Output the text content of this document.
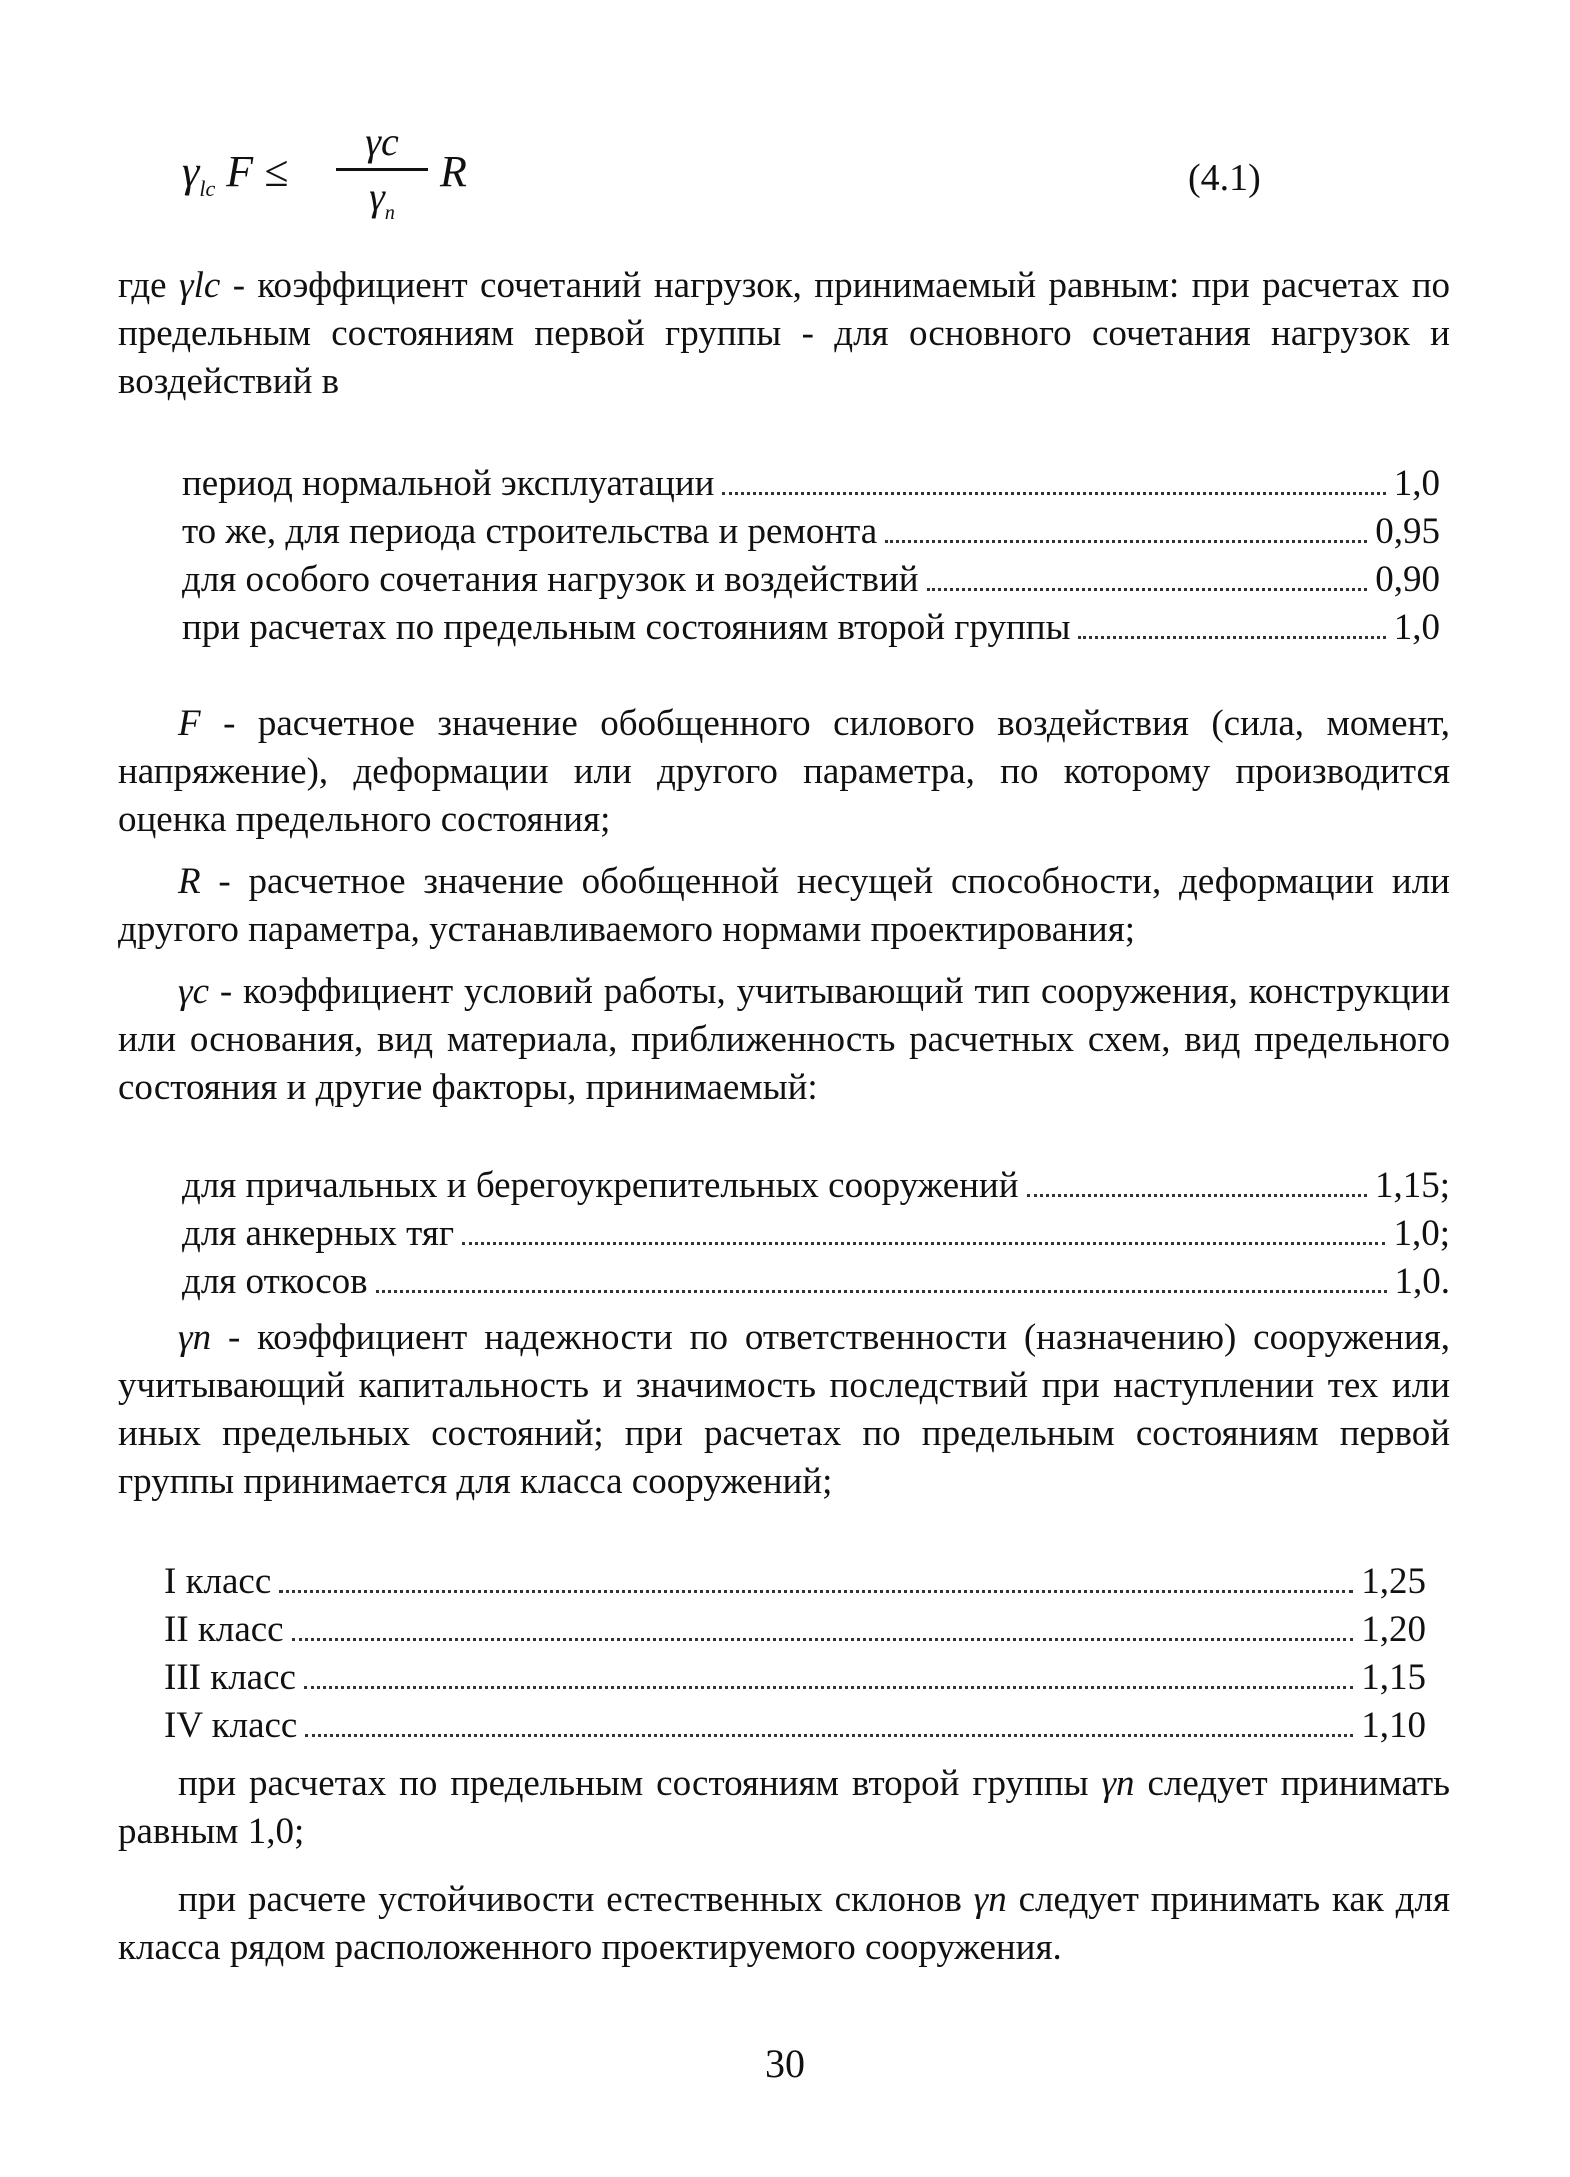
$\gamma_{lc}$ F ≤
γc
$\gamma_n$
R	(4.1)

где γlc - коэффициент сочетаний нагрузок, принимаемый равным: при расчетах по предельным состояниям первой группы - для основного сочетания нагрузок и воздействий в

период нормальной эксплуатации	1,0
то же, для периода строительства и ремонта	0,95
для особого сочетания нагрузок и воздействий	0,90
при расчетах по предельным состояниям второй группы	1,0

F - расчетное значение обобщенного силового воздействия (сила, момент, напряжение), деформации или другого параметра, по которому производится оценка предельного состояния;

R - расчетное значение обобщенной несущей способности, деформации или другого параметра, устанавливаемого нормами проектирования;

γc - коэффициент условий работы, учитывающий тип сооружения, конструкции или основания, вид материала, приближенность расчетных схем, вид предельного состояния и другие факторы, принимаемый:

для причальных и берегоукрепительных сооружений	1,15;
для анкерных тяг	1,0;
для откосов	1,0.

γn - коэффициент надежности по ответственности (назначению) сооружения, учитывающий капитальность и значимость последствий при наступлении тех или иных предельных состояний; при расчетах по предельным состояниям первой группы принимается для класса сооружений;

I класс	1,25
II класс	1,20
III класс	1,15
IV класс	1,10

при расчетах по предельным состояниям второй группы γn следует принимать равным 1,0;

при расчете устойчивости естественных склонов γn следует принимать как для класса рядом расположенного проектируемого сооружения.

30
